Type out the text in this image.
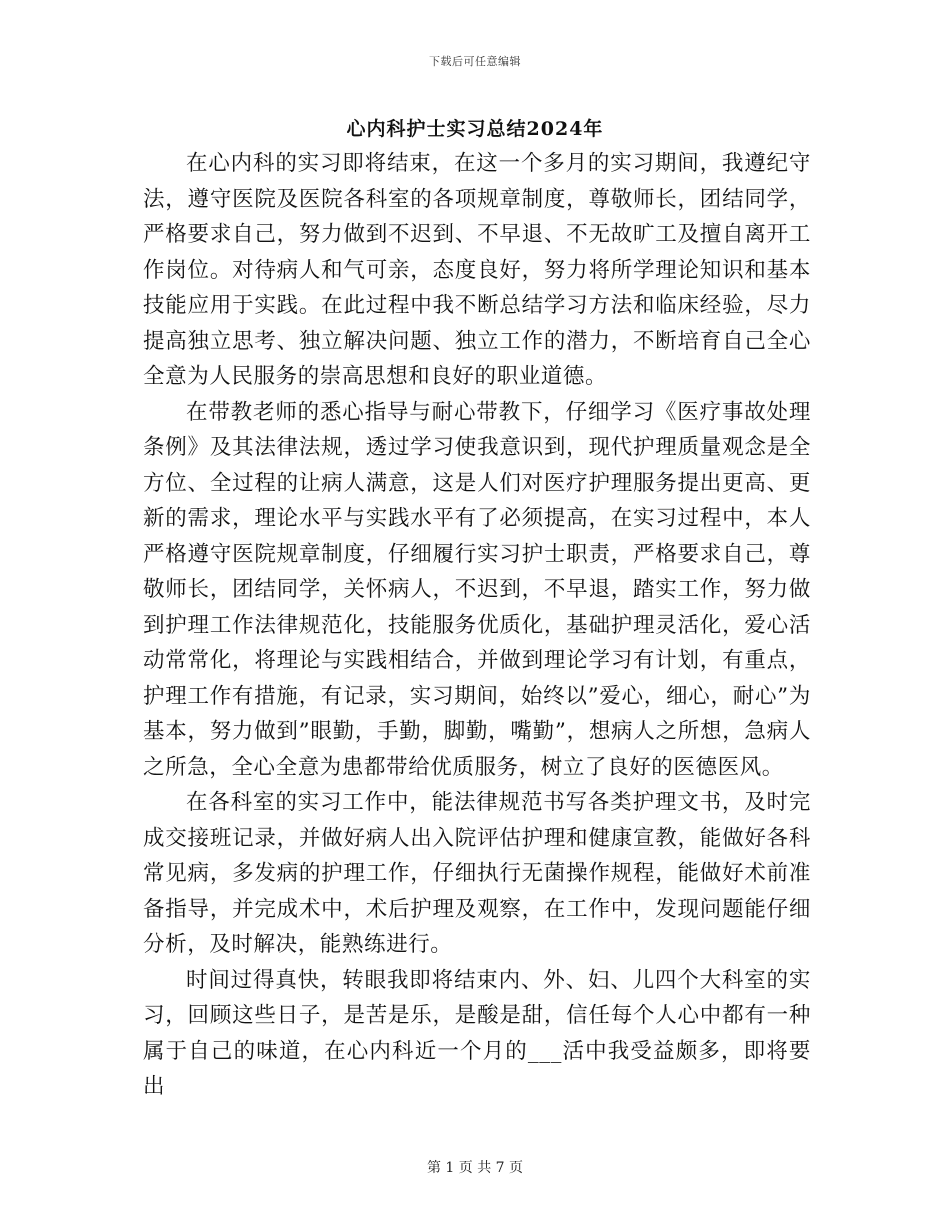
下载后可任意编辑
心内科护士实习总结2024年

在心内科的实习即将结束，在这一个多月的实习期间，我遵纪守法，遵守医院及医院各科室的各项规章制度，尊敬师长，团结同学，严格要求自己，努力做到不迟到、不早退、不无故旷工及擅自离开工作岗位。对待病人和气可亲，态度良好，努力将所学理论知识和基本技能应用于实践。在此过程中我不断总结学习方法和临床经验，尽力提高独立思考、独立解决问题、独立工作的潜力，不断培育自己全心全意为人民服务的崇高思想和良好的职业道德。

在带教老师的悉心指导与耐心带教下，仔细学习《医疗事故处理条例》及其法律法规，透过学习使我意识到，现代护理质量观念是全方位、全过程的让病人满意，这是人们对医疗护理服务提出更高、更新的需求，理论水平与实践水平有了必须提高，在实习过程中，本人严格遵守医院规章制度，仔细履行实习护士职责，严格要求自己，尊敬师长，团结同学，关怀病人，不迟到，不早退，踏实工作，努力做到护理工作法律规范化，技能服务优质化，基础护理灵活化，爱心活动常常化，将理论与实践相结合，并做到理论学习有计划，有重点，护理工作有措施，有记录，实习期间，始终以”爱心，细心，耐心”为基本，努力做到”眼勤，手勤，脚勤，嘴勤”，想病人之所想，急病人之所急，全心全意为患都带给优质服务，树立了良好的医德医风。

在各科室的实习工作中，能法律规范书写各类护理文书，及时完成交接班记录，并做好病人出入院评估护理和健康宣教，能做好各科常见病，多发病的护理工作，仔细执行无菌操作规程，能做好术前准备指导，并完成术中，术后护理及观察，在工作中，发现问题能仔细分析，及时解决，能熟练进行。

时间过得真快，转眼我即将结束内、外、妇、儿四个大科室的实习，回顾这些日子，是苦是乐，是酸是甜，信任每个人心中都有一种属于自己的味道，在心内科近一个月的___活中我受益颇多，即将要出

第 1 页 共 7 页
